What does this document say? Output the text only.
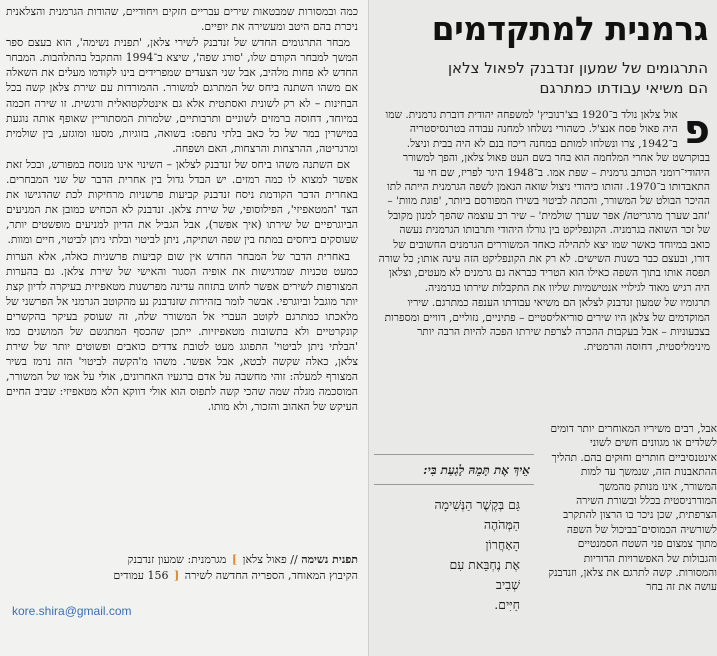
כמה ובמסורות שמבטאות שירים עבריים חזקים ויחודיים, שהודות הגרמנית והצלאנית ניכרת בהם היטב ומעשירה את יופיים.

מבחר התרגומים החדש של זנדבנק לשירי צלאן, 'תפנית נשימה', הוא בעצם ספר המשך למבחר הקודם שלו, 'סורג שפה', שיצא ב־1994 והתקבל בהתלהבות. המבחר החדש לא פחות מלהיב, אבל שני הצעדים שמפרידים בינו לקודמו מעלים את השאלה אם משהו השתנה ביחס של המתרגם למשורר. ההמורדות עם שירת צלאן קשה בכל הבחינות – לא רק לשונית ואסתטית אלא גם אינטלקטואלית ורגשית. זו שירה חכמה במיוחד, דחוסה ברמזים לשוניים ותרבותיים, שלמרות המסתוריין שאופף אותה נוגעת במישרין במר של כל כאב בלתי נתפס: בשואה, בזוגיות, מסעו ומוגזע, בין שולמית ומרגריטה, ההרצחות והרצחות, האם ושפחה.

אם השתנה משהו ביחס של זנדבנק לצלאן – השינוי אינו מנוסח במפורש, ובכל זאת אפשר למצוא לו כמה רמזים. יש הבדל גדול בין אחרית הדבר של שני המבחרים. באחרית הדבר הקודמת ניסח זנדבנק קביעות פרשניות מרחיקות לכת שהדגישו את הצד 'המטאפיזי', הפילוסופי, של שירת צלאן. זנדבנק לא הכחיש כמובן את המניעים הביוגרפיים של שירתו (איך אפשר), אבל הגביל את הדיון למניעים מופשטים יותר, שעוסקים ביחסים במתח בין שפה ושתיקה, ניתן לביטוי ובלתי ניתן לביטוי, חיים ומוות.

באחרית הדבר של המבחר החדש אין שום קביעות פרשניות כאלה, אלא הערות כמעט טכניות שמדגישות את אופיה הסגור והאישי של שירת צלאן. גם בהערות המצורפות לשירים אפשר לחוש בתזוזה עדינה מפרשנות מטאפיזית בעיקרה לדיון קצת יותר מוגבל וביוגרפי. אבשר לומר בזהירות שזנדבנק נע מהקוטב הגרמני אל הפרשני של מלאכתו כמתרגם לקוטב העברי אל המשורר שלה, זה שעוסק בעיקר בהקשרים קונקרטיים ולא בתשובות מטאפיזיות. ייתכן שהכסף המתגשם של המושגים כמו 'הבלתי ניתן לביטוי' התפוגג מעט לטובת צדדים כואבים ופשוטים יותר של שירת צלאן, כאלה שקשה לבטא, אבל אפשר. משהו מ'הקשה לביטוי' הזה נרמז בשיר המצורף למעלה: זוהי מחשבה על אדם ברגעיו האחרונים, אולי על אמו של המשורר, המוסכמה מגלה שמה שהכי קשה לתפוס הוא אולי דווקא הלא מטאפיזי: שביב החיים העיקש של האהוב והזכור, ולא מותו.

תפנית נשימה // פאול צלאן ] מגרמנית: שמעון זנדבנק
הקיבוץ המאוחד, הספריה החדשה לשירה [ 156 עמודים
kore.shira@gmail.com
גרמנית למתקדמים
התרגומים של שמעון זנדבנק לפאול צלאן
הם משיאי עבודתו כמתרגם
פ

אול צלאן נולד ב־1920 בצ'רנוביץ' למשפחה יהודית דוברת גרמנית. שמו היה פאול פסח אנצ'ל. כשהורי נשלחו למחנה עבודה בטרנסיסטריה ב־1942, צרו ונשלחו למותם במחנה ריכוז בנם לא היה בבית וניצל. בבוקרשט של אחרי המלחמה הוא בחר בשם העט פאול צלאן, והפך למשורר היהודי־רומני הכותב גרמנית – שפת אמו. ב־1948 היגר לפריז, שם חי עד התאבדותו ב־1970. זהותו כיהודי ניצול שואה הנאמן לשפה הגרמנית הייתה לתו ההיכר הבולט של המשורר, והכתה לביטוי בשירו המפורסם ביותר, 'פוגת מוות' – 'זהב שערך מרגריטה/ אפר שערך שולמית' – שיר רב עוצמה שהפך למנון מקובל של זכר השואה בגרמניה. הקונפליקט בין גורלו היהודי ותרבותו הגרמנית נעשה כואב במיוחד כאשר שמו יצא לתהילה כאחד המשוררים הגרמנים החשובים של דורו, ובעצם כבר בשנות השישים. לא רק את הקונפליקט הזה עינה אותו; כל שורה תפסה אותו בתוך השפה כאילו הוא הטריד כבראה גם גרמנים לא מעטים, וצלאן היה רגיש מאוד לגילויי אנטישמיות שליוו את התקבלות שירתו בגרמניה.

תרגומיו של שמעון זנדבנק לצלאן הם משיאי עבודתו הענפה כמתרגם. שיריו המוקדמים של צלאן היו שירים סוריאליסטיים – פתיניים, נזוליים, דוויים ומספרות בצבעוניות – אבל בעקבות ההכרה לצרפת שירתו הפכה להיות הרבה יותר מינימליסטית, דחוסה והרמטית.

אבל, רבים משיריו המאוחרים יותר דומים לשלדים או מגוונים חשים לשוני אינטנסיביים חותרים וחוּקים בהם. תהליך ההתאבנות הזה, שנמשך עד למות המשורר, אינו מנותק מהמשך המודרניסטית בכלל ובשורת השירה הצרפתית, שכן ניכר בו הרצון להתקרב לשורשיה הכמוסים־בביכול של השפה מתוך צמצום פני השטח הסמנטיים והגבולות של האפשרויות הדוריות והמסורות. קשה לתרגם את צלאן, וזנדבנק עושה את זה בחר

אֵיךְ אֶת תָּמֵהּ לָגַעַת בִּי:
גַּם בְּקֶשֶׁר הַנְּשִׁימָה
הַמְּהֹהֶה
הָאַחֲרוֹן
אֶת נֶחְבֵּאת עִם
שְׁבִיב
חַיִּים.
